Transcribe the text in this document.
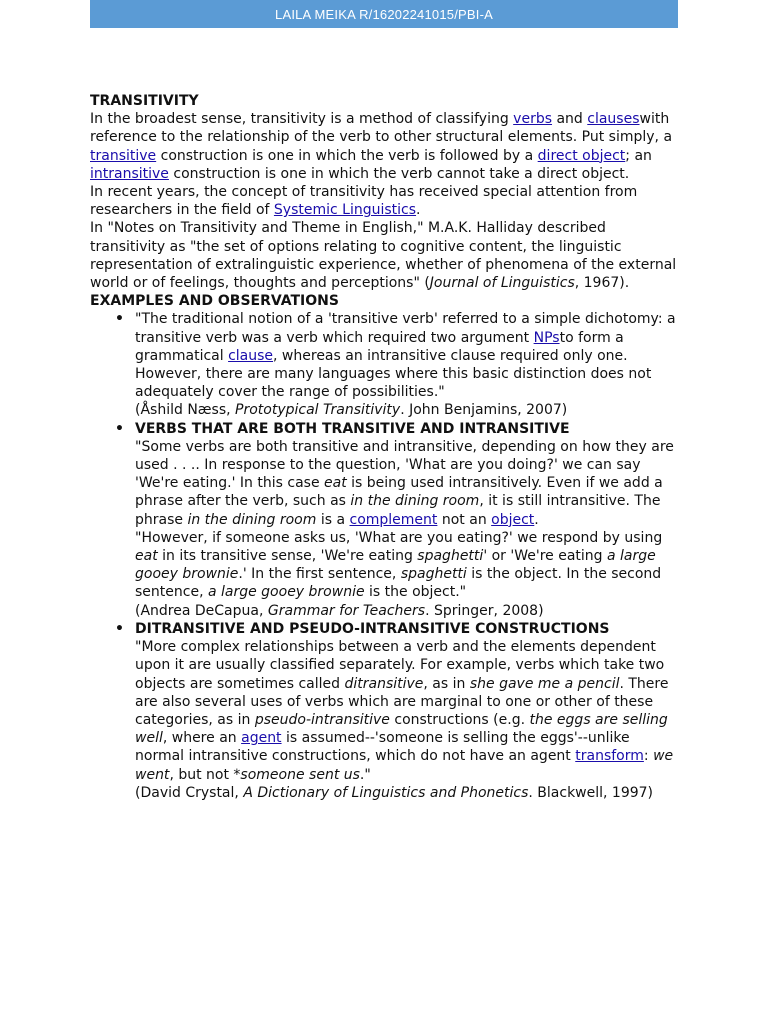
LAILA MEIKA R/16202241015/PBI-A

TRANSITIVITY

In the broadest sense, transitivity is a method of classifying verbs and clauseswith reference to the relationship of the verb to other structural elements. Put simply, a transitive construction is one in which the verb is followed by a direct object; an intransitive construction is one in which the verb cannot take a direct object.

In recent years, the concept of transitivity has received special attention from researchers in the field of Systemic Linguistics.

In "Notes on Transitivity and Theme in English," M.A.K. Halliday described transitivity as "the set of options relating to cognitive content, the linguistic representation of extralinguistic experience, whether of phenomena of the external world or of feelings, thoughts and perceptions" (Journal of Linguistics, 1967).

EXAMPLES AND OBSERVATIONS

• "The traditional notion of a 'transitive verb' referred to a simple dichotomy: a transitive verb was a verb which required two argument NPsto form a grammatical clause, whereas an intransitive clause required only one. However, there are many languages where this basic distinction does not adequately cover the range of possibilities."
(Åshild Næss, Prototypical Transitivity. John Benjamins, 2007)
• VERBS THAT ARE BOTH TRANSITIVE AND INTRANSITIVE
"Some verbs are both transitive and intransitive, depending on how they are used . . .. In response to the question, 'What are you doing?' we can say 'We're eating.' In this case eat is being used intransitively. Even if we add a phrase after the verb, such as in the dining room, it is still intransitive. The phrase in the dining room is a complement not an object.
"However, if someone asks us, 'What are you eating?' we respond by using eat in its transitive sense, 'We're eating spaghetti' or 'We're eating a large gooey brownie.' In the first sentence, spaghetti is the object. In the second sentence, a large gooey brownie is the object."
(Andrea DeCapua, Grammar for Teachers. Springer, 2008)
• DITRANSITIVE AND PSEUDO-INTRANSITIVE CONSTRUCTIONS
"More complex relationships between a verb and the elements dependent upon it are usually classified separately. For example, verbs which take two objects are sometimes called ditransitive, as in she gave me a pencil. There are also several uses of verbs which are marginal to one or other of these categories, as in pseudo-intransitive constructions (e.g. the eggs are selling well, where an agent is assumed--'someone is selling the eggs'--unlike normal intransitive constructions, which do not have an agent transform: we went, but not *someone sent us."
(David Crystal, A Dictionary of Linguistics and Phonetics. Blackwell, 1997)
